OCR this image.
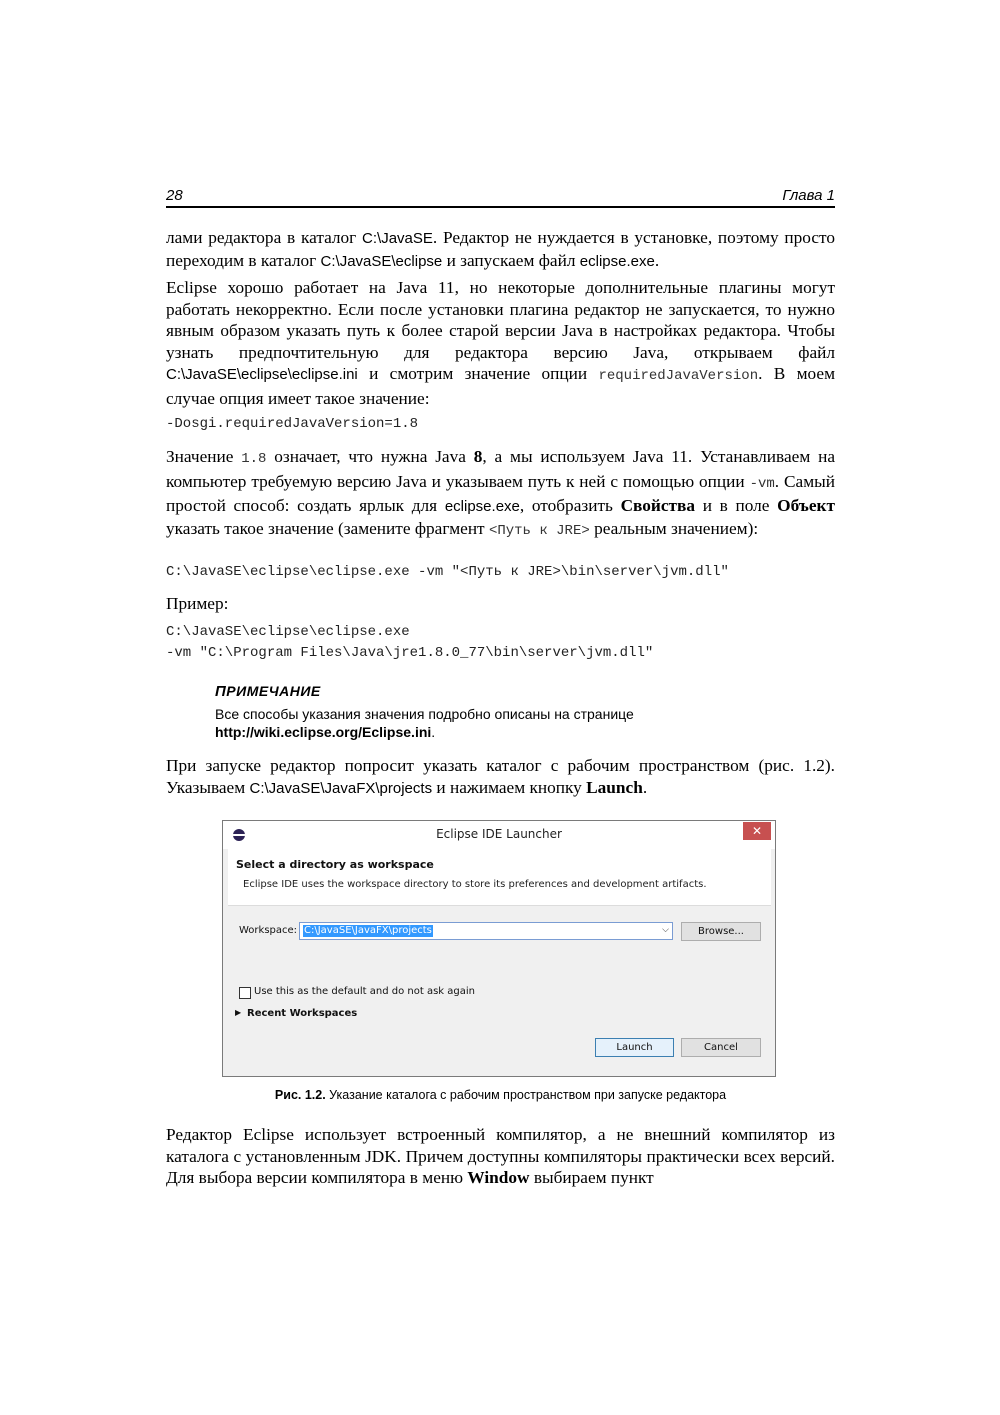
28	Глава 1

лами редактора в каталог C:\JavaSE. Редактор не нуждается в установке, поэтому просто переходим в каталог C:\JavaSE\eclipse и запускаем файл eclipse.exe.

Eclipse хорошо работает на Java 11, но некоторые дополнительные плагины могут работать некорректно. Если после установки плагина редактор не запускается, то нужно явным образом указать путь к более старой версии Java в настройках редактора. Чтобы узнать предпочтительную для редактора версию Java, открываем файл C:\JavaSE\eclipse\eclipse.ini и смотрим значение опции requiredJavaVersion. В моем случае опция имеет такое значение:

-Dosgi.requiredJavaVersion=1.8

Значение 1.8 означает, что нужна Java 8, а мы используем Java 11. Устанавливаем на компьютер требуемую версию Java и указываем путь к ней с помощью опции -vm. Самый простой способ: создать ярлык для eclipse.exe, отобразить Свойства и в поле Объект указать такое значение (замените фрагмент <Путь к JRE> реальным значением):

C:\JavaSE\eclipse\eclipse.exe -vm "<Путь к JRE>\bin\server\jvm.dll"

Пример:

C:\JavaSE\eclipse\eclipse.exe
-vm "C:\Program Files\Java\jre1.8.0_77\bin\server\jvm.dll"
ПРИМЕЧАНИЕ
Все способы указания значения подробно описаны на странице
http://wiki.eclipse.org/Eclipse.ini.

При запуске редактор попросит указать каталог с рабочим пространством (рис. 1.2). Указываем C:\JavaSE\JavaFX\projects и нажимаем кнопку Launch.

Eclipse IDE Launcher	✕
Select a directory as workspace
Eclipse IDE uses the workspace directory to store its preferences and development artifacts.
Workspace: C:\JavaSE\JavaFX\projects	⌵	Browse...
Use this as the default and do not ask again
▶ Recent Workspaces
Launch	Cancel
Рис. 1.2. Указание каталога с рабочим пространством при запуске редактора

Редактор Eclipse использует встроенный компилятор, а не внешний компилятор из каталога с установленным JDK. Причем доступны компиляторы практически всех версий. Для выбора версии компилятора в меню Window выбираем пункт
